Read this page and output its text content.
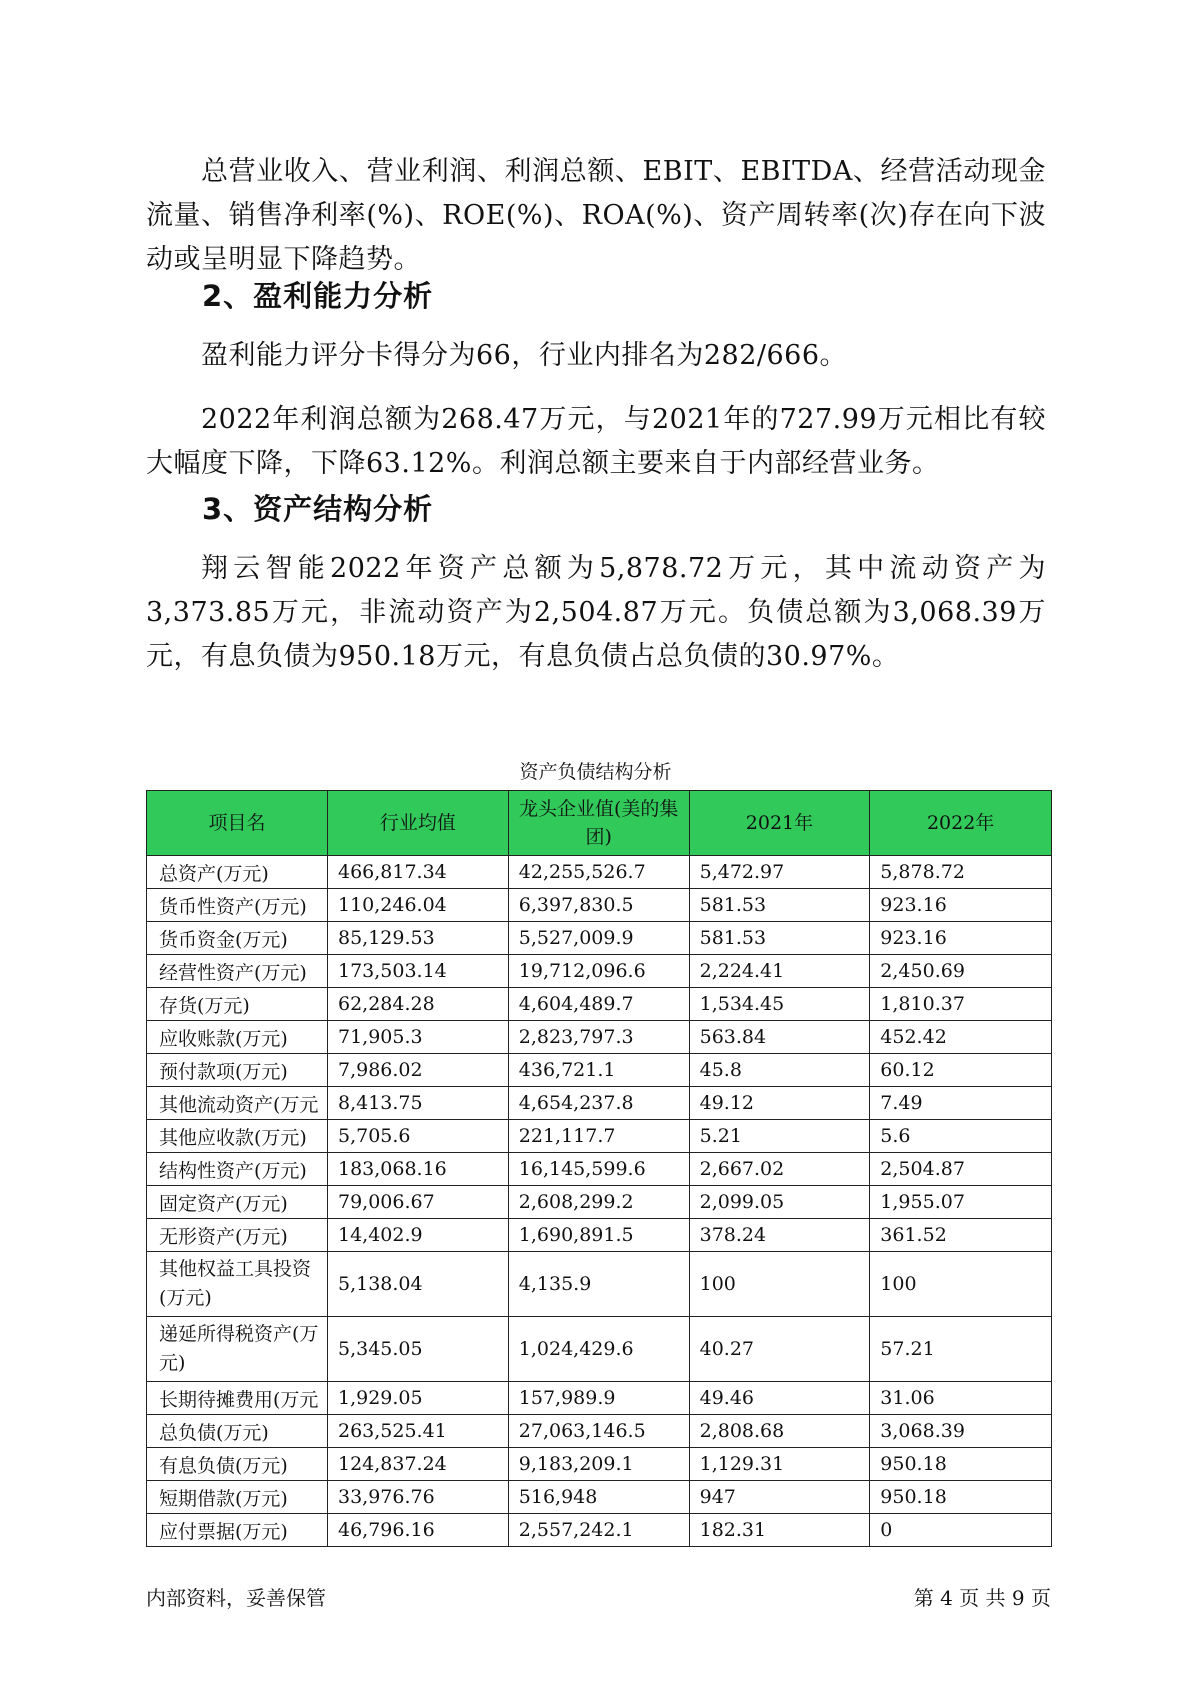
总营业收入、营业利润、利润总额、EBIT、EBITDA、经营活动现金流量、销售净利率(%)、ROE(%)、ROA(%)、资产周转率(次)存在向下波动或呈明显下降趋势。

2、盈利能力分析

盈利能力评分卡得分为66，行业内排名为282/666。

2022年利润总额为268.47万元，与2021年的727.99万元相比有较大幅度下降，下降63.12%。利润总额主要来自于内部经营业务。

3、资产结构分析

翔云智能2022年资产总额为5,878.72万元，其中流动资产为3,373.85万元，非流动资产为2,504.87万元。负债总额为3,068.39万元，有息负债为950.18万元，有息负债占总负债的30.97%。

资产负债结构分析

项目名	行业均值	龙头企业值(美的集团)	2021年	2022年
总资产(万元)	466,817.34	42,255,526.7	5,472.97	5,878.72
货币性资产(万元)	110,246.04	6,397,830.5	581.53	923.16
货币资金(万元)	85,129.53	5,527,009.9	581.53	923.16
经营性资产(万元)	173,503.14	19,712,096.6	2,224.41	2,450.69
存货(万元)	62,284.28	4,604,489.7	1,534.45	1,810.37
应收账款(万元)	71,905.3	2,823,797.3	563.84	452.42
预付款项(万元)	7,986.02	436,721.1	45.8	60.12
其他流动资产(万元	8,413.75	4,654,237.8	49.12	7.49
其他应收款(万元)	5,705.6	221,117.7	5.21	5.6
结构性资产(万元)	183,068.16	16,145,599.6	2,667.02	2,504.87
固定资产(万元)	79,006.67	2,608,299.2	2,099.05	1,955.07
无形资产(万元)	14,402.9	1,690,891.5	378.24	361.52
其他权益工具投资(万元)	5,138.04	4,135.9	100	100
递延所得税资产(万元)	5,345.05	1,024,429.6	40.27	57.21
长期待摊费用(万元	1,929.05	157,989.9	49.46	31.06
总负债(万元)	263,525.41	27,063,146.5	2,808.68	3,068.39
有息负债(万元)	124,837.24	9,183,209.1	1,129.31	950.18
短期借款(万元)	33,976.76	516,948	947	950.18
应付票据(万元)	46,796.16	2,557,242.1	182.31	0
内部资料，妥善保管	第 4 页 共 9 页
